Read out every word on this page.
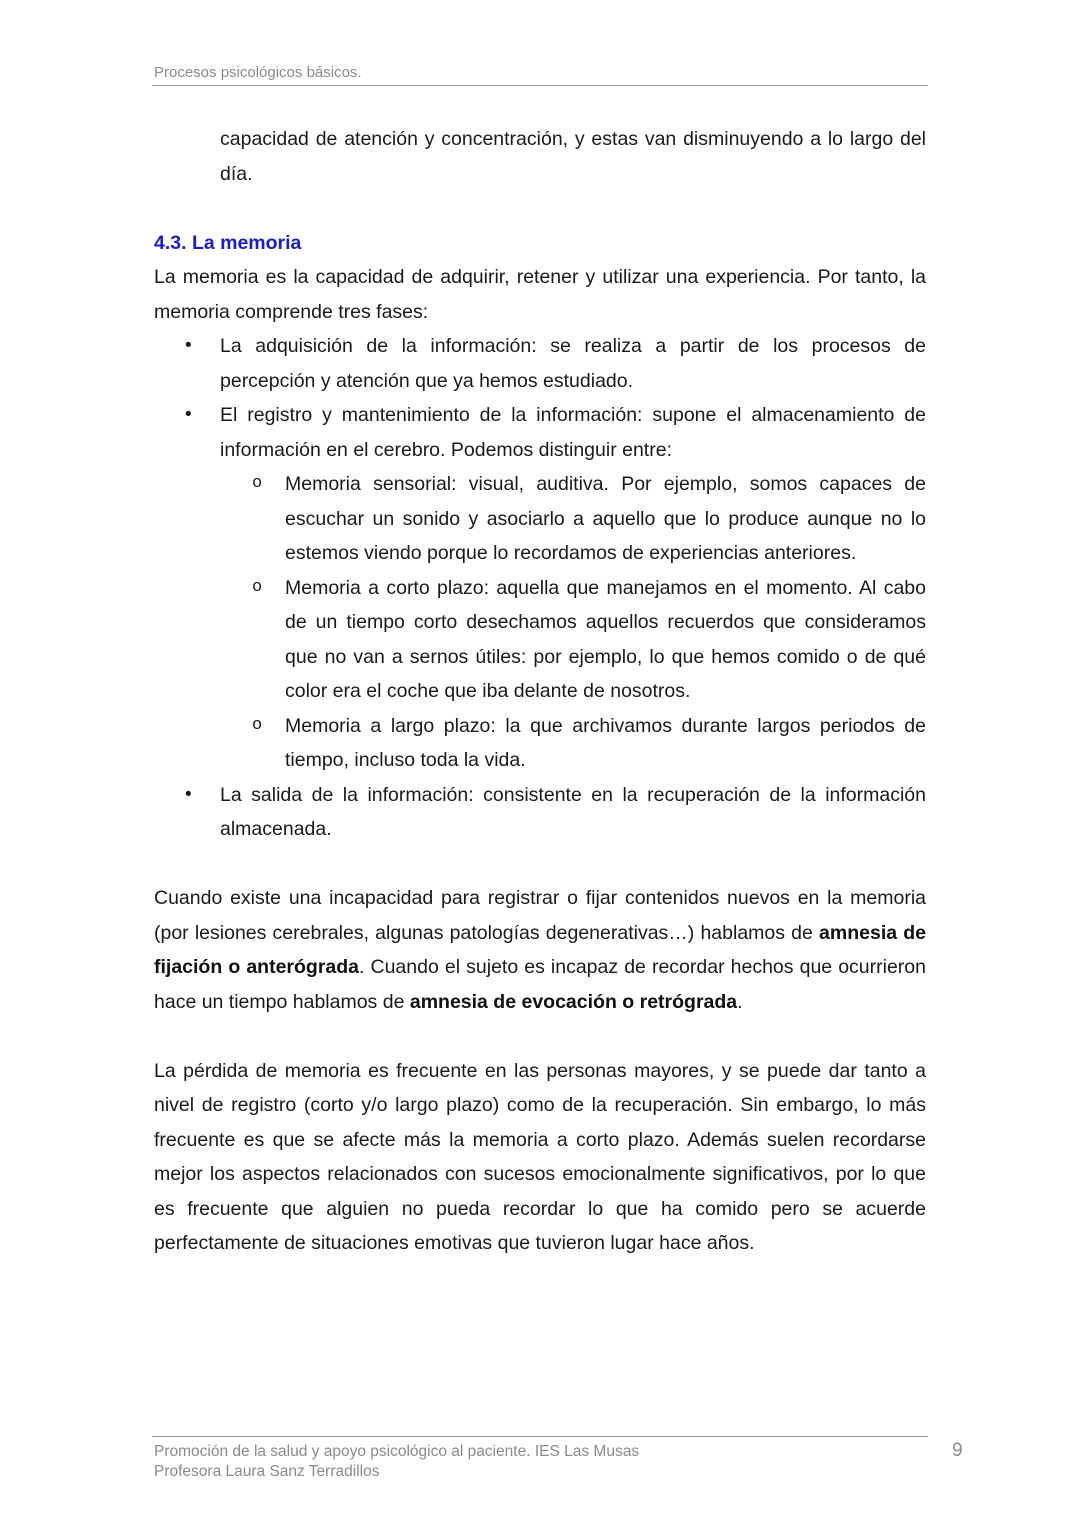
Procesos psicológicos básicos.

capacidad de atención y concentración, y estas van disminuyendo a lo largo del día.

4.3. La memoria

La memoria es la capacidad de adquirir, retener y utilizar una experiencia. Por tanto, la memoria comprende tres fases:

• La adquisición de la información: se realiza a partir de los procesos de percepción y atención que ya hemos estudiado.
• El registro y mantenimiento de la información: supone el almacenamiento de información en el cerebro. Podemos distinguir entre:
o Memoria sensorial: visual, auditiva. Por ejemplo, somos capaces de escuchar un sonido y asociarlo a aquello que lo produce aunque no lo estemos viendo porque lo recordamos de experiencias anteriores.
o Memoria a corto plazo: aquella que manejamos en el momento. Al cabo de un tiempo corto desechamos aquellos recuerdos que consideramos que no van a sernos útiles: por ejemplo, lo que hemos comido o de qué color era el coche que iba delante de nosotros.
o Memoria a largo plazo: la que archivamos durante largos periodos de tiempo, incluso toda la vida.
• La salida de la información: consistente en la recuperación de la información almacenada.

Cuando existe una incapacidad para registrar o fijar contenidos nuevos en la memoria (por lesiones cerebrales, algunas patologías degenerativas…) hablamos de amnesia de fijación o anterógrada. Cuando el sujeto es incapaz de recordar hechos que ocurrieron hace un tiempo hablamos de amnesia de evocación o retrógrada.

La pérdida de memoria es frecuente en las personas mayores, y se puede dar tanto a nivel de registro (corto y/o largo plazo) como de la recuperación. Sin embargo, lo más frecuente es que se afecte más la memoria a corto plazo. Además suelen recordarse mejor los aspectos relacionados con sucesos emocionalmente significativos, por lo que es frecuente que alguien no pueda recordar lo que ha comido pero se acuerde perfectamente de situaciones emotivas que tuvieron lugar hace años.

Promoción de la salud y apoyo psicológico al paciente. IES Las Musas
Profesora Laura Sanz Terradillos
9
